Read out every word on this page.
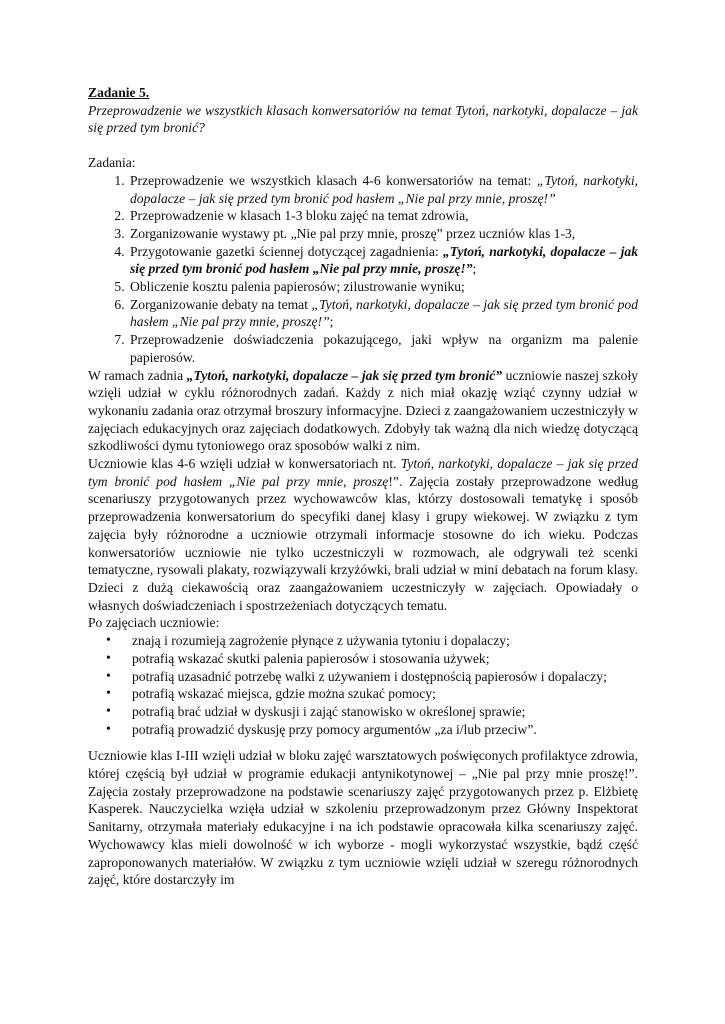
Zadanie 5.

Przeprowadzenie we wszystkich klasach konwersatoriów na temat Tytoń, narkotyki, dopalacze – jak się przed tym bronić?

Zadania:

1. Przeprowadzenie we wszystkich klasach 4-6 konwersatoriów na temat: „Tytoń, narkotyki, dopalacze – jak się przed tym bronić pod hasłem „Nie pal przy mnie, proszę!”
2. Przeprowadzenie w klasach 1-3 bloku zajęć na temat zdrowia,
3. Zorganizowanie wystawy pt. „Nie pal przy mnie, proszę” przez uczniów klas 1-3,
4. Przygotowanie gazetki ściennej dotyczącej zagadnienia: „Tytoń, narkotyki, dopalacze – jak się przed tym bronić pod hasłem „Nie pal przy mnie, proszę!”;
5. Obliczenie kosztu palenia papierosów; zilustrowanie wyniku;
6. Zorganizowanie debaty na temat „Tytoń, narkotyki, dopalacze – jak się przed tym bronić pod hasłem „Nie pal przy mnie, proszę!”;
7. Przeprowadzenie doświadczenia pokazującego, jaki wpływ na organizm ma palenie papierosów.

W ramach zadnia „Tytoń, narkotyki, dopalacze – jak się przed tym bronić” uczniowie naszej szkoły wzięli udział w cyklu różnorodnych zadań. Każdy z nich miał okazję wziąć czynny udział w wykonaniu zadania oraz otrzymał broszury informacyjne. Dzieci z zaangażowaniem uczestniczyły w zajęciach edukacyjnych oraz zajęciach dodatkowych. Zdobyły tak ważną dla nich wiedzę dotyczącą szkodliwości dymu tytoniowego oraz sposobów walki z nim.

Uczniowie klas 4-6 wzięli udział w konwersatoriach nt. Tytoń, narkotyki, dopalacze – jak się przed tym bronić pod hasłem „Nie pal przy mnie, proszę!”. Zajęcia zostały przeprowadzone według scenariuszy przygotowanych przez wychowawców klas, którzy dostosowali tematykę i sposób przeprowadzenia konwersatorium do specyfiki danej klasy i grupy wiekowej. W związku z tym zajęcia były różnorodne a uczniowie otrzymali informacje stosowne do ich wieku. Podczas konwersatoriów uczniowie nie tylko uczestniczyli w rozmowach, ale odgrywali też scenki tematyczne, rysowali plakaty, rozwiązywali krzyżówki, brali udział w mini debatach na forum klasy. Dzieci z dużą ciekawością oraz zaangażowaniem uczestniczyły w zajęciach. Opowiadały o własnych doświadczeniach i spostrzeżeniach dotyczących tematu.

Po zajęciach uczniowie:

• znają i rozumieją zagrożenie płynące z używania tytoniu i dopalaczy;
• potrafią wskazać skutki palenia papierosów i stosowania używek;
• potrafią uzasadnić potrzebę walki z używaniem i dostępnością papierosów i dopalaczy;
• potrafią wskazać miejsca, gdzie można szukać pomocy;
• potrafią brać udział w dyskusji i zająć stanowisko w określonej sprawie;
• potrafią prowadzić dyskusję przy pomocy argumentów „za i/lub przeciw”.

Uczniowie klas I-III wzięli udział w bloku zajęć warsztatowych poświęconych profilaktyce zdrowia, której częścią był udział w programie edukacji antynikotynowej – „Nie pal przy mnie proszę!”. Zajęcia zostały przeprowadzone na podstawie scenariuszy zajęć przygotowanych przez p. Elżbietę Kasperek. Nauczycielka wzięła udział w szkoleniu przeprowadzonym przez Główny Inspektorat Sanitarny, otrzymała materiały edukacyjne i na ich podstawie opracowała kilka scenariuszy zajęć. Wychowawcy klas mieli dowolność w ich wyborze - mogli wykorzystać wszystkie, bądź część zaproponowanych materiałów. W związku z tym uczniowie wzięli udział w szeregu różnorodnych zajęć, które dostarczyły im
